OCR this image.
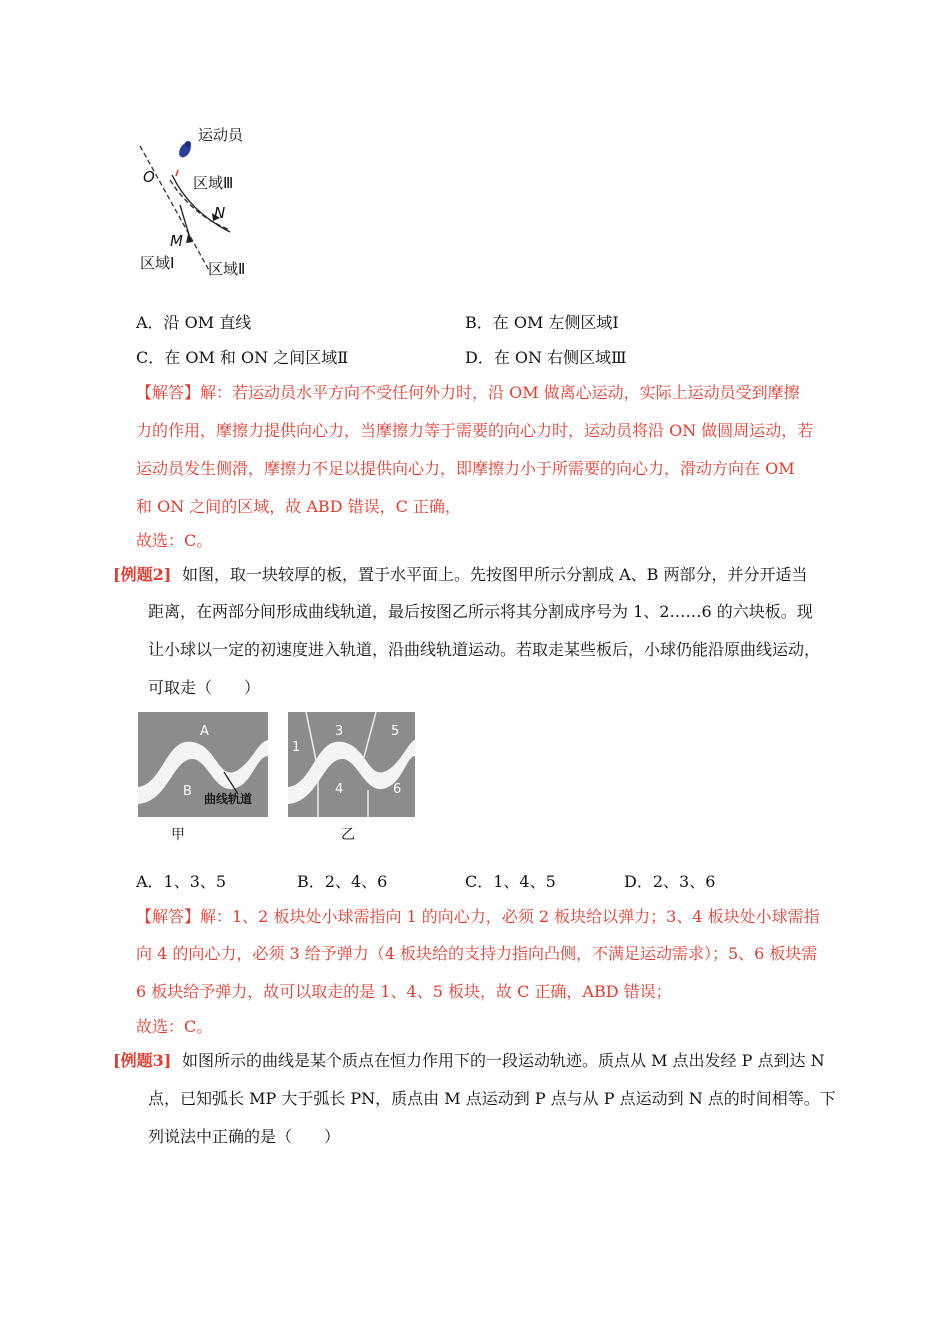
运动员
O	区域Ⅲ
N
M
区域Ⅰ 区域Ⅱ
A．沿 OM 直线	B．在 OM 左侧区域Ⅰ
C．在 OM 和 ON 之间区域Ⅱ	D．在 ON 右侧区域Ⅲ
【解答】解：若运动员水平方向不受任何外力时，沿 OM 做离心运动，实际上运动员受到摩擦
力的作用，摩擦力提供向心力，当摩擦力等于需要的向心力时，运动员将沿 ON 做圆周运动，若
运动员发生侧滑，摩擦力不足以提供向心力，即摩擦力小于所需要的向心力，滑动方向在 OM
和 ON 之间的区域，故 ABD 错误，C 正确，
故选：C。
[例题2] 如图，取一块较厚的板，置于水平面上。先按图甲所示分割成 A、B 两部分，并分开适当
距离，在两部分间形成曲线轨道，最后按图乙所示将其分割成序号为 1、2……6 的六块板。现
让小球以一定的初速度进入轨道，沿曲线轨道运动。若取走某些板后，小球仍能沿原曲线运动，
可取走（　　）
A
B 曲线轨道
1
2
3
4
5
6
甲	乙
A．1、3、5	B．2、4、6	C．1、4、5	D．2、3、6
【解答】解：1、2 板块处小球需指向 1 的向心力，必须 2 板块给以弹力；3、4 板块处小球需指
向 4 的向心力，必须 3 给予弹力（4 板块给的支持力指向凸侧，不满足运动需求）；5、6 板块需
6 板块给予弹力，故可以取走的是 1、4、5 板块，故 C 正确，ABD 错误；
故选：C。
[例题3] 如图所示的曲线是某个质点在恒力作用下的一段运动轨迹。质点从 M 点出发经 P 点到达 N
点，已知弧长 MP 大于弧长 PN，质点由 M 点运动到 P 点与从 P 点运动到 N 点的时间相等。下
列说法中正确的是（　　）
